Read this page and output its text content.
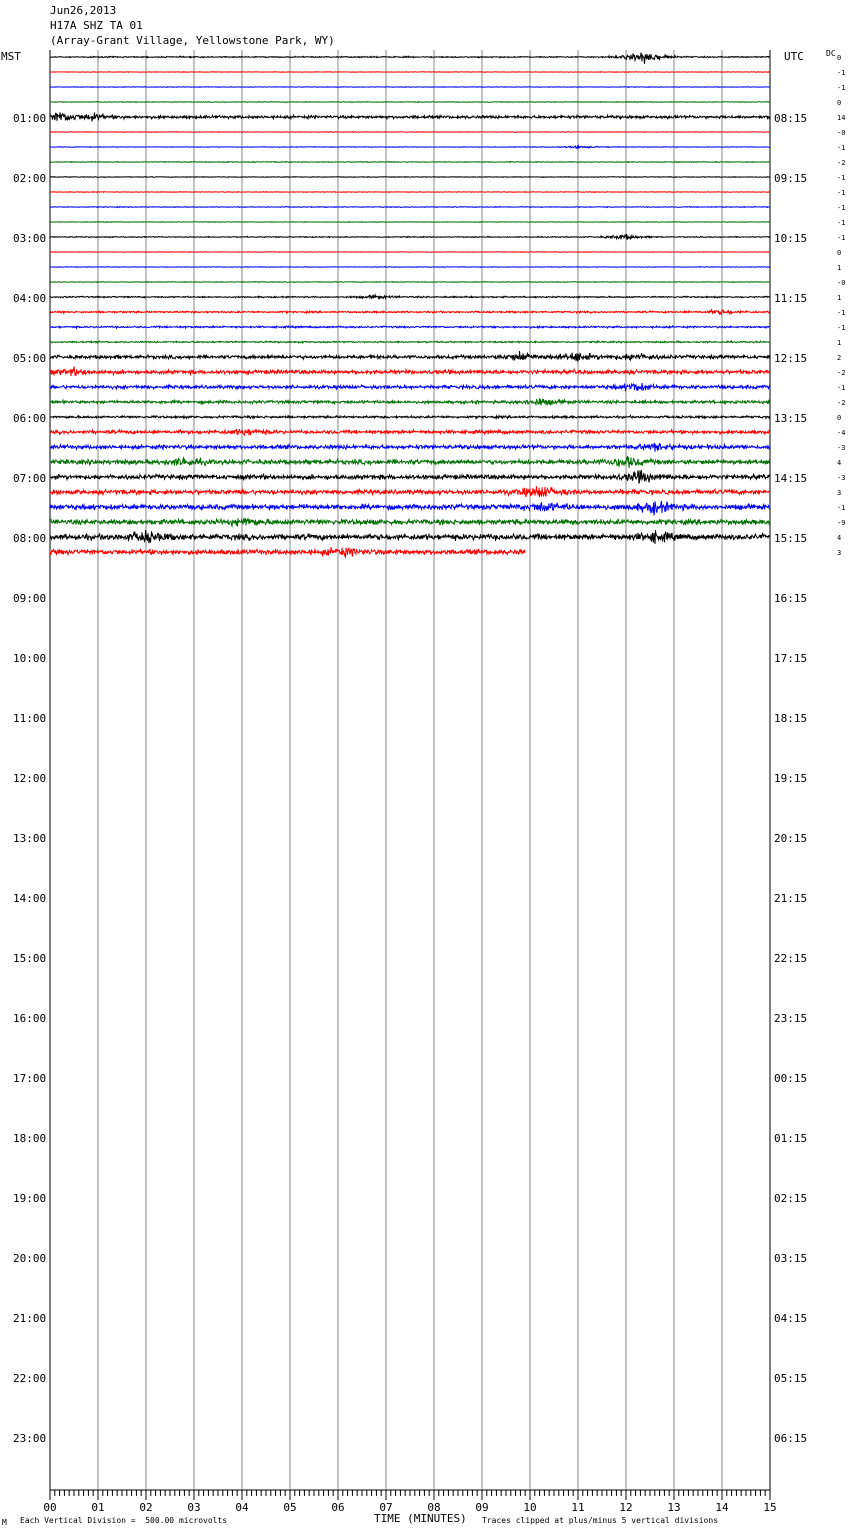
Jun26,2013
H17A SHZ TA 01
(Array-Grant Village, Yellowstone Park, WY)
MST	UTC	DC
00	01	02	03	04	05	06	07	08	09	10	11	12	13	14	15
01:00
02:00
03:00
04:00
05:00
06:00
07:00
08:00
09:00
10:00
11:00
12:00
13:00
14:00
15:00
16:00
17:00
18:00
19:00
20:00
21:00
22:00
23:00
08:15
09:15
10:15
11:15
12:15
13:15
14:15
15:15
16:15
17:15
18:15
19:15
20:15
21:15
22:15
23:15
00:15
01:15
02:15
03:15
04:15
05:15
06:15
0
-1
-1
0
14
-0
-1
-2
-1
-1
-1
-1
-1
0
1
-0
1
-1
-1
1
2
-2
-1
-2
0
-4
-3
4
-3
3
-1
-9
4
3
M Each Vertical Division =  500.00 microvolts	TIME (MINUTES) Traces clipped at plus/minus 5 vertical divisions
